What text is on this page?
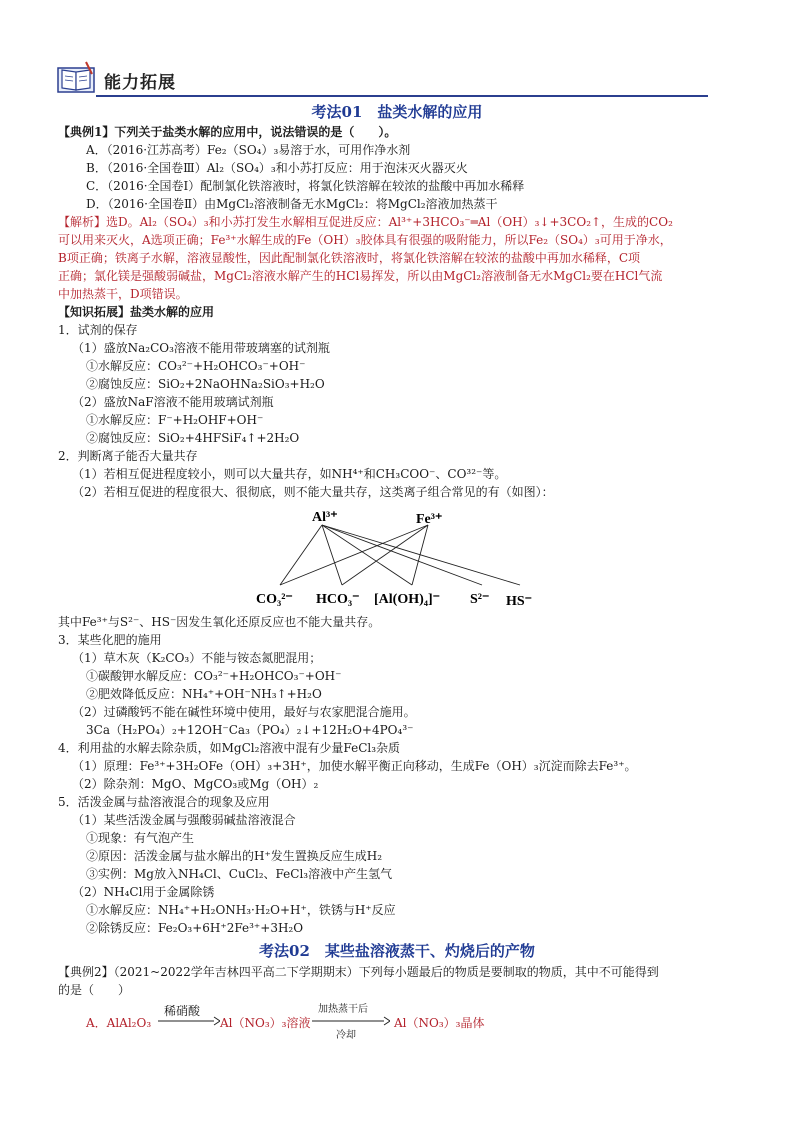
能力拓展
考法01　盐类水解的应用
【典例1】下列关于盐类水解的应用中，说法错误的是（　　）。
A．（2016·江苏高考）Fe₂（SO₄）₃易溶于水，可用作净水剂
B．（2016·全国卷Ⅲ）Al₂（SO₄）₃和小苏打反应：用于泡沫灭火器灭火
C．（2016·全国卷Ⅰ）配制氯化铁溶液时，将氯化铁溶解在较浓的盐酸中再加水稀释
D．（2016·全国卷Ⅱ）由MgCl₂溶液制备无水MgCl₂：将MgCl₂溶液加热蒸干
【解析】选D。Al₂（SO₄）₃和小苏打发生水解相互促进反应：Al³⁺+3HCO₃⁻═Al（OH）₃↓+3CO₂↑，生成的CO₂
可以用来灭火，A选项正确；Fe³⁺水解生成的Fe（OH）₃胶体具有很强的吸附能力，所以Fe₂（SO₄）₃可用于净水，
B项正确；铁离子水解，溶液显酸性，因此配制氯化铁溶液时，将氯化铁溶解在较浓的盐酸中再加水稀释，C项
正确；氯化镁是强酸弱碱盐，MgCl₂溶液水解产生的HCl易挥发，所以由MgCl₂溶液制备无水MgCl₂要在HCl气流
中加热蒸干，D项错误。
【知识拓展】盐类水解的应用
1．试剂的保存
（1）盛放Na₂CO₃溶液不能用带玻璃塞的试剂瓶
①水解反应：CO₃²⁻+H₂OHCO₃⁻+OH⁻
②腐蚀反应：SiO₂+2NaOHNa₂SiO₃+H₂O
（2）盛放NaF溶液不能用玻璃试剂瓶
①水解反应：F⁻+H₂OHF+OH⁻
②腐蚀反应：SiO₂+4HFSiF₄↑+2H₂O
2．判断离子能否大量共存
（1）若相互促进程度较小，则可以大量共存，如NH⁴⁺和CH₃COO⁻、CO³²⁻等。
（2）若相互促进的程度很大、很彻底，则不能大量共存，这类离子组合常见的有（如图）：
Al³⁺	Fe³⁺
CO₃²⁻ HCO₃⁻ [Al(OH)₄]⁻ S²⁻ HS⁻
其中Fe³⁺与S²⁻、HS⁻因发生氧化还原反应也不能大量共存。
3．某些化肥的施用
（1）草木灰（K₂CO₃）不能与铵态氮肥混用；
①碳酸钾水解反应：CO₃²⁻+H₂OHCO₃⁻+OH⁻
②肥效降低反应：NH₄⁺+OH⁻NH₃↑+H₂O
（2）过磷酸钙不能在碱性环境中使用，最好与农家肥混合施用。
3Ca（H₂PO₄）₂+12OH⁻Ca₃（PO₄）₂↓+12H₂O+4PO₄³⁻
4．利用盐的水解去除杂质，如MgCl₂溶液中混有少量FeCl₃杂质
（1）原理：Fe³⁺+3H₂OFe（OH）₃+3H⁺，加使水解平衡正向移动，生成Fe（OH）₃沉淀而除去Fe³⁺。
（2）除杂剂：MgO、MgCO₃或Mg（OH）₂
5．活泼金属与盐溶液混合的现象及应用
（1）某些活泼金属与强酸弱碱盐溶液混合
①现象：有气泡产生
②原因：活泼金属与盐水解出的H⁺发生置换反应生成H₂
③实例：Mg放入NH₄Cl、CuCl₂、FeCl₃溶液中产生氢气
（2）NH₄Cl用于金属除锈
①水解反应：NH₄⁺+H₂ONH₃·H₂O+H⁺，铁锈与H⁺反应
②除锈反应：Fe₂O₃+6H⁺2Fe³⁺+3H₂O
考法02　某些盐溶液蒸干、灼烧后的产物
【典例2】（2021~2022学年吉林四平高二下学期期末）下列每小题最后的物质是要制取的物质，其中不可能得到
的是（　　）
A．AlAl₂O₃
稀硝酸
Al（NO₃）₃溶液
加热蒸干后
冷却
Al（NO₃）₃晶体
